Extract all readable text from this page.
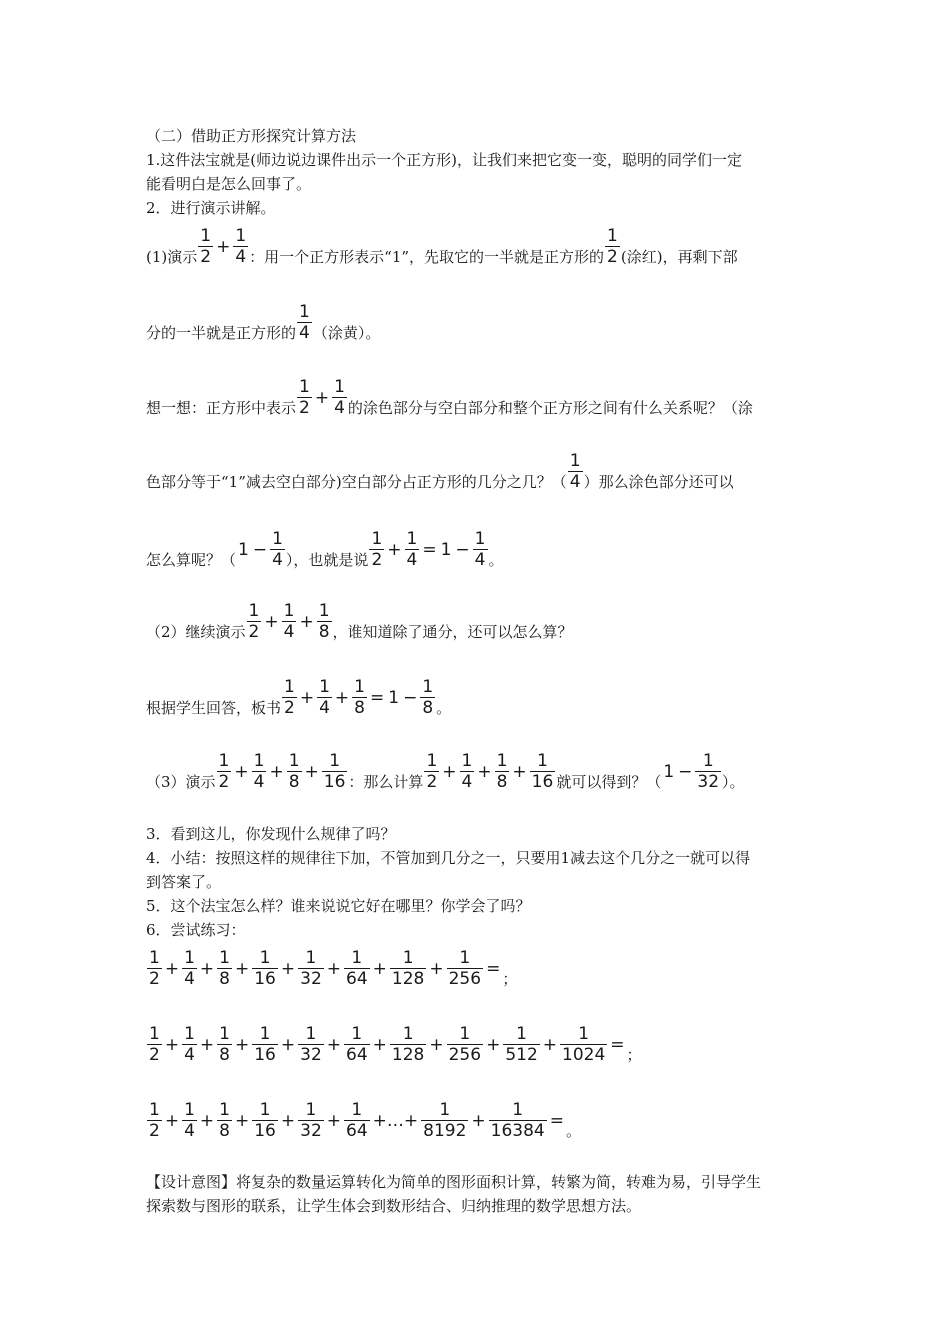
（二）借助正方形探究计算方法
1.这件法宝就是(师边说边课件出示一个正方形)，让我们来把它变一变，聪明的同学们一定
能看明白是怎么回事了。
2．进行演示讲解。
(1)演示 $\frac{1}{2} + \frac{1}{4}$ ：用一个正方形表示“1”，先取它的一半就是正方形的 $\frac{1}{2}$ (涂红)，再剩下部
分的一半就是正方形的 $\frac{1}{4}$ （涂黄）。
想一想：正方形中表示 $\frac{1}{2} + \frac{1}{4}$ 的涂色部分与空白部分和整个正方形之间有什么关系呢？（涂
色部分等于“1”减去空白部分)空白部分占正方形的几分之几？（ $\frac{1}{4}$ ）那么涂色部分还可以
怎么算呢？（
$1 - \frac{1}{4}$ ），也就是说 $\frac{1}{2} + \frac{1}{4} = 1 - \frac{1}{4}$ 。
（2）继续演示 $\frac{1}{2} + \frac{1}{4} + \frac{1}{8}$ ，谁知道除了通分，还可以怎么算？
根据学生回答，板书 $\frac{1}{2} + \frac{1}{4} + \frac{1}{8} = 1 - \frac{1}{8}$ 。
（3）演示 $\frac{1}{2} + \frac{1}{4} + \frac{1}{8} + \frac{1}{16}$ ：那么计算 $\frac{1}{2} + \frac{1}{4} + \frac{1}{8} + \frac{1}{16}$ 就可以得到？（
$1 - \frac{1}{32}$ ）。
3．看到这儿，你发现什么规律了吗？
4．小结：按照这样的规律往下加，不管加到几分之一，只要用1减去这个几分之一就可以得
到答案了。
5．这个法宝怎么样？谁来说说它好在哪里？你学会了吗？
6．尝试练习：
$\frac{1}{2} + \frac{1}{4} + \frac{1}{8} + \frac{1}{16} + \frac{1}{32} + \frac{1}{64} + \frac{1}{128} + \frac{1}{256}$ =
；
$\frac{1}{2} + \frac{1}{4} + \frac{1}{8} + \frac{1}{16} + \frac{1}{32} + \frac{1}{64} + \frac{1}{128} + \frac{1}{256} + \frac{1}{512} + \frac{1}{1024}$ =
；
$\frac{1}{2} + \frac{1}{4} + \frac{1}{8} + \frac{1}{16} + \frac{1}{32} + \frac{1}{64}$ +…+ $\frac{1}{8192} + \frac{1}{16384}$ =
。
【设计意图】将复杂的数量运算转化为简单的图形面积计算，转繁为简，转难为易，引导学生
探索数与图形的联系，让学生体会到数形结合、归纳推理的数学思想方法。
